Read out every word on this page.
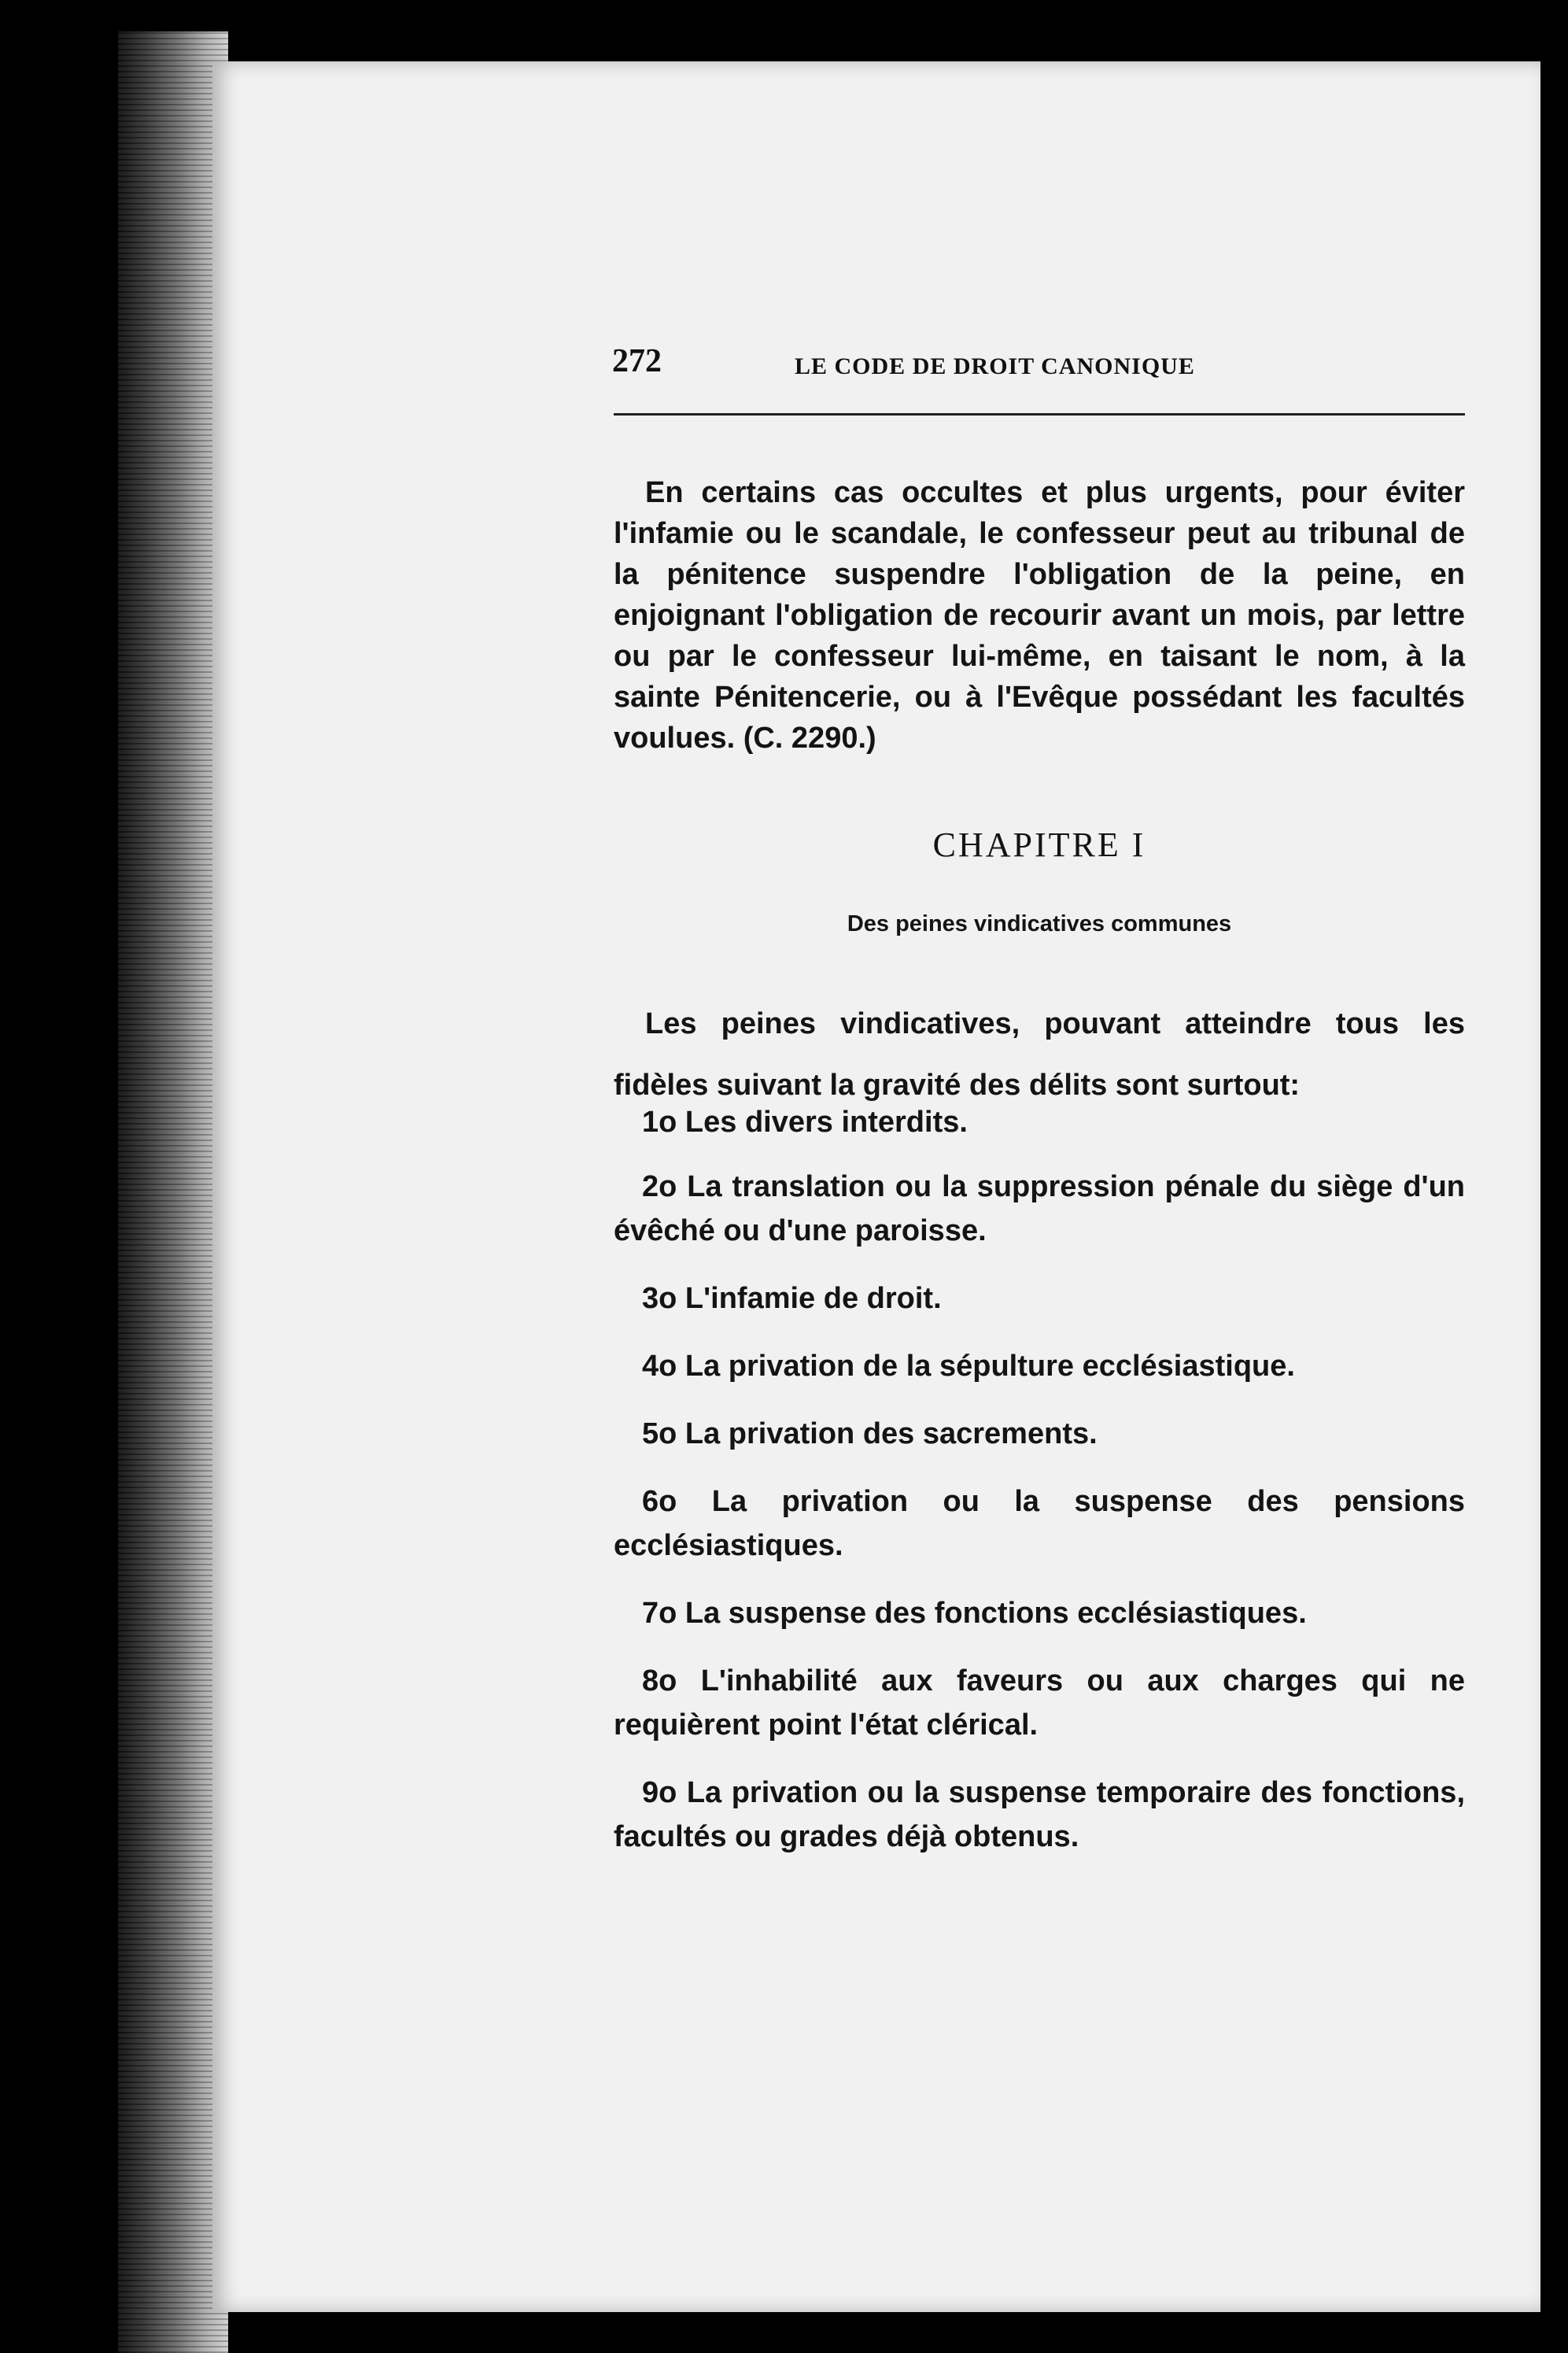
272	LE CODE DE DROIT CANONIQUE

En certains cas occultes et plus urgents, pour éviter l'infamie ou le scandale, le confesseur peut au tribunal de la pénitence suspendre l'obligation de la peine, en enjoignant l'obligation de recourir avant un mois, par lettre ou par le confesseur lui-même, en taisant le nom, à la sainte Pénitencerie, ou à l'Evêque possédant les facultés voulues. (C. 2290.)

CHAPITRE I
Des peines vindicatives communes

Les peines vindicatives, pouvant atteindre tous les fidèles suivant la gravité des délits sont surtout:

1o Les divers interdits.
2o La translation ou la suppression pénale du siège d'un évêché ou d'une paroisse.
3o L'infamie de droit.
4o La privation de la sépulture ecclésiastique.
5o La privation des sacrements.
6o La privation ou la suspense des pensions ecclésiastiques.
7o La suspense des fonctions ecclésiastiques.
8o L'inhabilité aux faveurs ou aux charges qui ne requièrent point l'état clérical.
9o La privation ou la suspense temporaire des fonctions, facultés ou grades déjà obtenus.
